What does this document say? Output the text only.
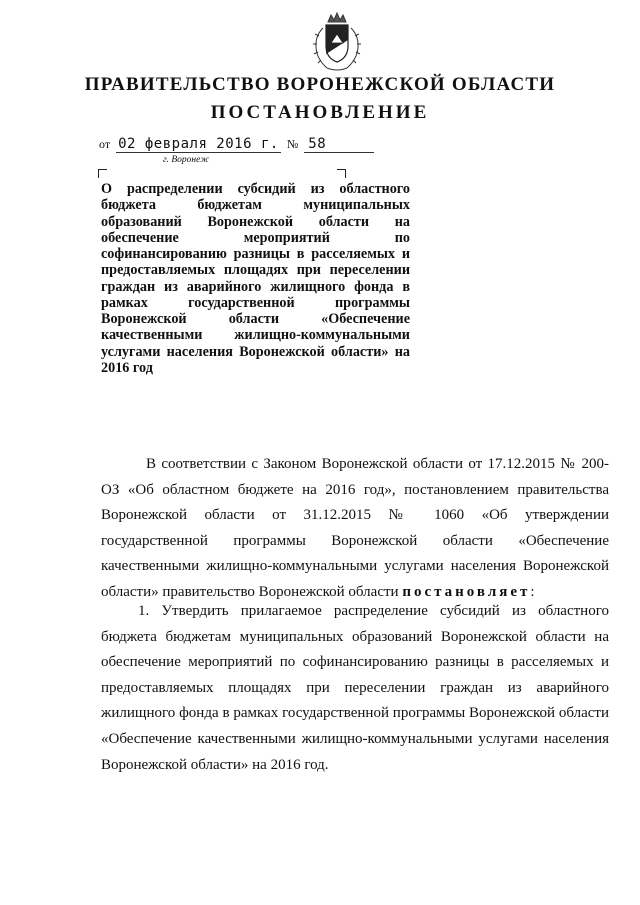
ПРАВИТЕЛЬСТВО ВОРОНЕЖСКОЙ ОБЛАСТИ
ПОСТАНОВЛЕНИЕ
от 02 февраля 2016 г. № 58
г. Воронеж
О распределении субсидий из областного бюджета бюджетам муниципальных образований Воронежской области на обеспечение мероприятий по софинансированию разницы в расселяемых и предоставляемых площадях при переселении граждан из аварийного жилищного фонда в рамках государственной программы Воронежской области «Обеспечение качественными жилищно-коммунальными услугами населения Воронежской области» на 2016 год
В соответствии с Законом Воронежской области от 17.12.2015 № 200-ОЗ «Об областном бюджете на 2016 год», постановлением правительства Воронежской области от 31.12.2015 № 1060 «Об утверждении государственной программы Воронежской области «Обеспечение качественными жилищно-коммунальными услугами населения Воронежской области» правительство Воронежской области постановляет:
1. Утвердить прилагаемое распределение субсидий из областного бюджета бюджетам муниципальных образований Воронежской области на обеспечение мероприятий по софинансированию разницы в расселяемых и предоставляемых площадях при переселении граждан из аварийного жилищного фонда в рамках государственной программы Воронежской области «Обеспечение качественными жилищно-коммунальными услугами населения Воронежской области» на 2016 год.
